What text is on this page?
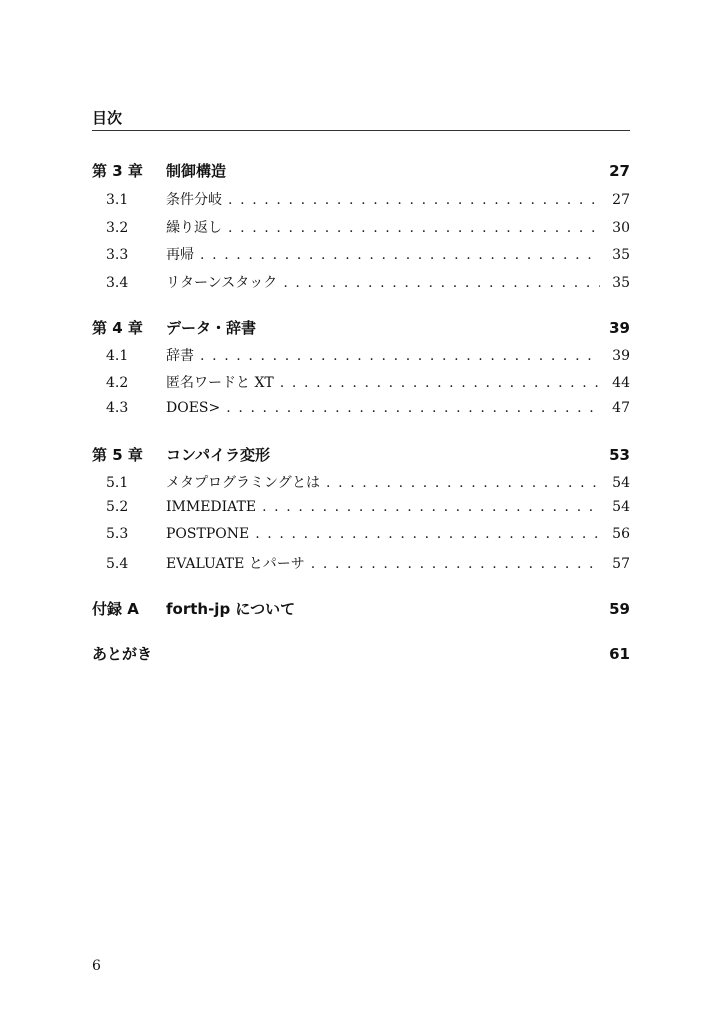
目次
第 3 章	制御構造	27
3.1	条件分岐 . . .	27
3.2	繰り返し . . .	30
3.3	再帰 . . .	35
3.4	リターンスタック . . .	35
第 4 章	データ・辞書	39
4.1	辞書 . . .	39
4.2	匿名ワードと XT . . .	44
4.3	DOES> . . .	47
第 5 章	コンパイラ変形	53
5.1	メタプログラミングとは . . .	54
5.2	IMMEDIATE . . .	54
5.3	POSTPONE . . .	56
5.4	EVALUATE とパーサ . . .	57
付録 A	forth-jp について	59
あとがき	61
6
